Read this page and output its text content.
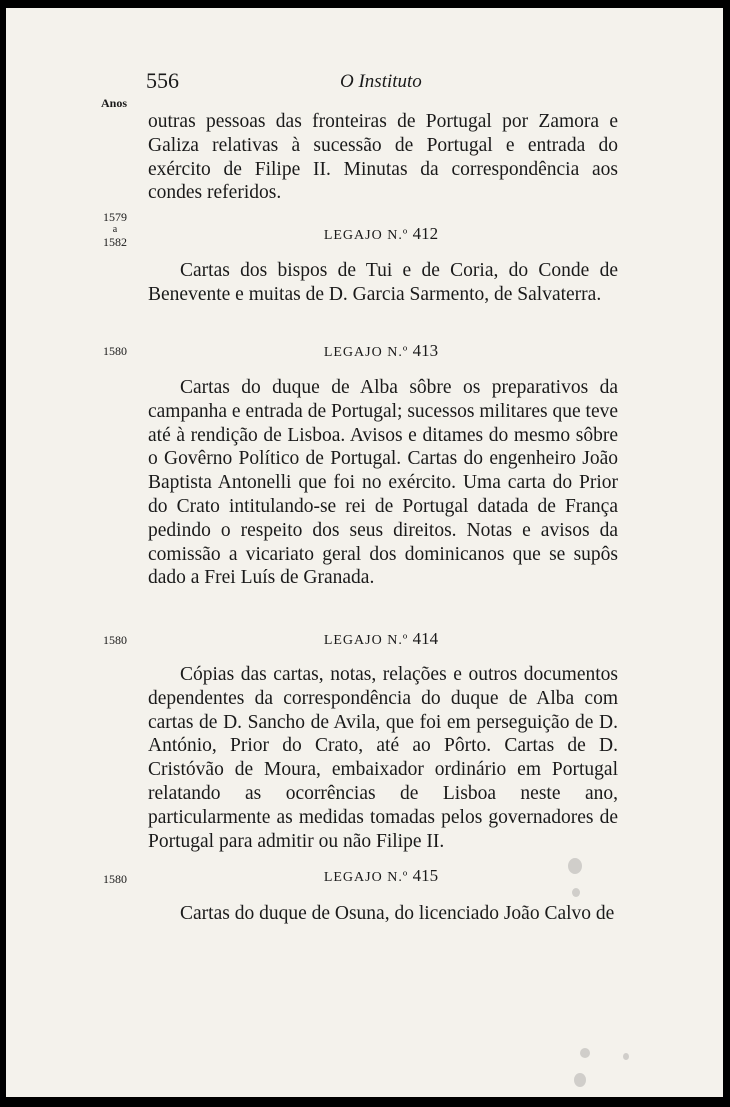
556	O Instituto
Anos

outras pessoas das fronteiras de Portugal por Zamora e Galiza relativas à sucessão de Portugal e entrada do exército de Filipe II. Minutas da correspondência aos condes referidos.

1579
a
1582	LEGAJO N.º 412

Cartas dos bispos de Tui e de Coria, do Conde de Benevente e muitas de D. Garcia Sarmento, de Salvaterra.

1580	LEGAJO N.º 413

Cartas do duque de Alba sôbre os preparativos da campanha e entrada de Portugal; sucessos militares que teve até à rendição de Lisboa. Avisos e ditames do mesmo sôbre o Govêrno Político de Portugal. Cartas do engenheiro João Baptista Antonelli que foi no exército. Uma carta do Prior do Crato intitulando-se rei de Portugal datada de França pedindo o respeito dos seus direitos. Notas e avisos da comissão a vicariato geral dos dominicanos que se supôs dado a Frei Luís de Granada.

1580	LEGAJO N.º 414

Cópias das cartas, notas, relações e outros documentos dependentes da correspondência do duque de Alba com cartas de D. Sancho de Avila, que foi em perseguição de D. António, Prior do Crato, até ao Pôrto. Cartas de D. Cristóvão de Moura, embaixador ordinário em Portugal relatando as ocorrências de Lisboa neste ano, particularmente as medidas tomadas pelos governadores de Portugal para admitir ou não Filipe II.

1580	LEGAJO N.º 415

Cartas do duque de Osuna, do licenciado João Calvo de
